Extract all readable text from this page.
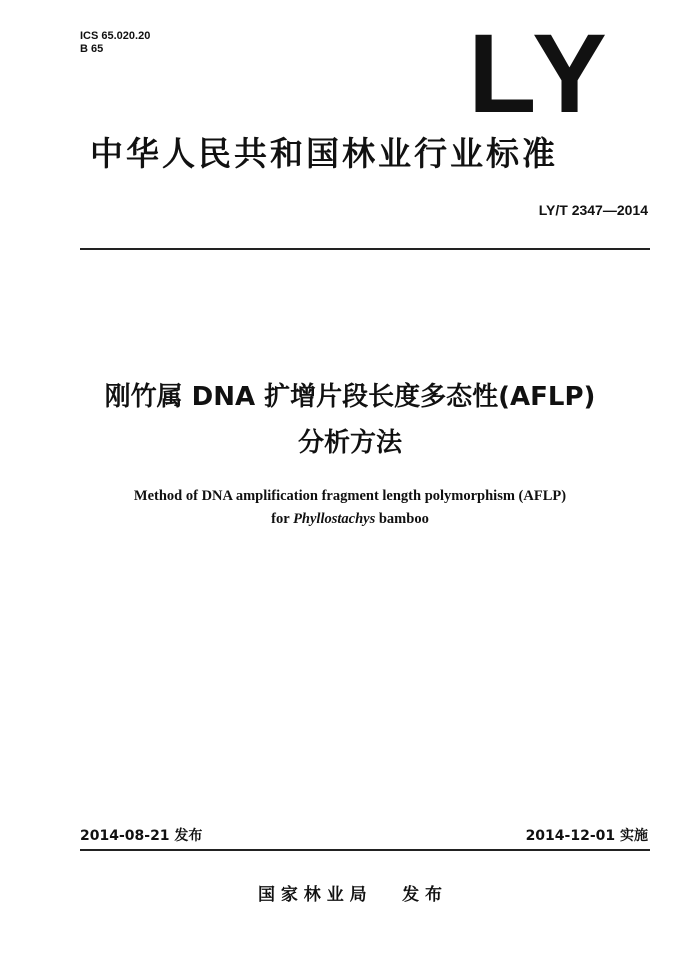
ICS 65.020.20
B 65	LY
中华人民共和国林业行业标准
LY/T 2347—2014
刚竹属 DNA 扩增片段长度多态性(AFLP)
分析方法
Method of DNA amplification fragment length polymorphism (AFLP)
for Phyllostachys bamboo
2014-08-21 发布	2014-12-01 实施
国 家 林 业 局 发 布
